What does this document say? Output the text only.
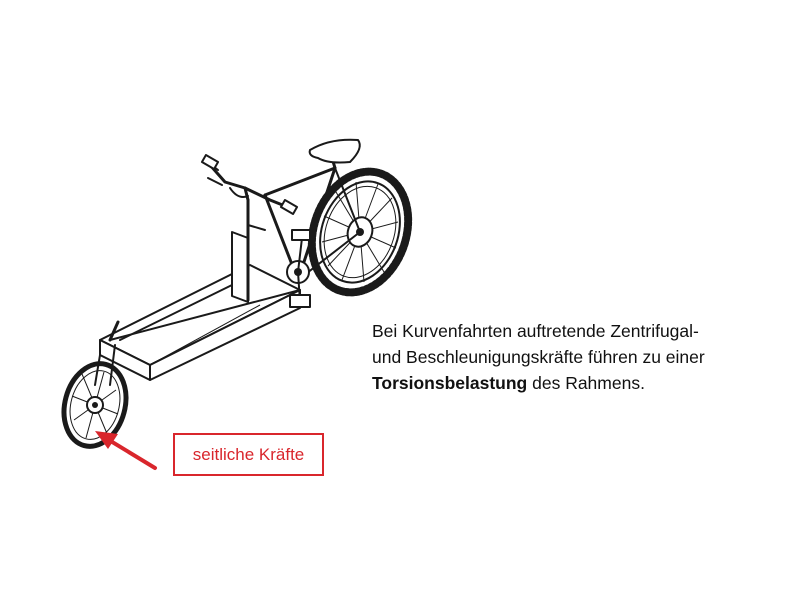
Bei Kurvenfahrten auftretende Zentrifugal-
und Beschleunigungskräfte führen zu einer
Torsionsbelastung des Rahmens.
seitliche Kräfte
